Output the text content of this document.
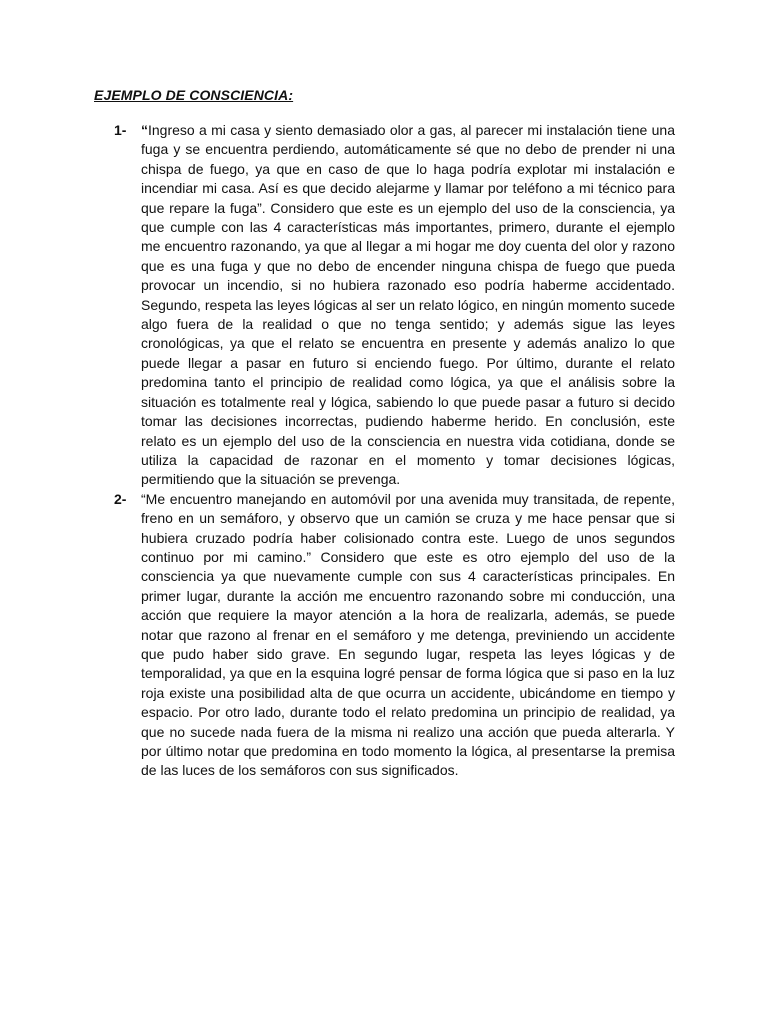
EJEMPLO DE CONSCIENCIA:
1- “Ingreso a mi casa y siento demasiado olor a gas, al parecer mi instalación tiene una fuga y se encuentra perdiendo, automáticamente sé que no debo de prender ni una chispa de fuego, ya que en caso de que lo haga podría explotar mi instalación e incendiar mi casa. Así es que decido alejarme y llamar por teléfono a mi técnico para que repare la fuga”. Considero que este es un ejemplo del uso de la consciencia, ya que cumple con las 4 características más importantes, primero, durante el ejemplo me encuentro razonando, ya que al llegar a mi hogar me doy cuenta del olor y razono que es una fuga y que no debo de encender ninguna chispa de fuego que pueda provocar un incendio, si no hubiera razonado eso podría haberme accidentado. Segundo, respeta las leyes lógicas al ser un relato lógico, en ningún momento sucede algo fuera de la realidad o que no tenga sentido; y además sigue las leyes cronológicas, ya que el relato se encuentra en presente y además analizo lo que puede llegar a pasar en futuro si enciendo fuego. Por último, durante el relato predomina tanto el principio de realidad como lógica, ya que el análisis sobre la situación es totalmente real y lógica, sabiendo lo que puede pasar a futuro si decido tomar las decisiones incorrectas, pudiendo haberme herido. En conclusión, este relato es un ejemplo del uso de la consciencia en nuestra vida cotidiana, donde se utiliza la capacidad de razonar en el momento y tomar decisiones lógicas, permitiendo que la situación se prevenga.
2- “Me encuentro manejando en automóvil por una avenida muy transitada, de repente, freno en un semáforo, y observo que un camión se cruza y me hace pensar que si hubiera cruzado podría haber colisionado contra este. Luego de unos segundos continuo por mi camino.” Considero que este es otro ejemplo del uso de la consciencia ya que nuevamente cumple con sus 4 características principales. En primer lugar, durante la acción me encuentro razonando sobre mi conducción, una acción que requiere la mayor atención a la hora de realizarla, además, se puede notar que razono al frenar en el semáforo y me detenga, previniendo un accidente que pudo haber sido grave. En segundo lugar, respeta las leyes lógicas y de temporalidad, ya que en la esquina logré pensar de forma lógica que si paso en la luz roja existe una posibilidad alta de que ocurra un accidente, ubicándome en tiempo y espacio. Por otro lado, durante todo el relato predomina un principio de realidad, ya que no sucede nada fuera de la misma ni realizo una acción que pueda alterarla. Y por último notar que predomina en todo momento la lógica, al presentarse la premisa de las luces de los semáforos con sus significados.
